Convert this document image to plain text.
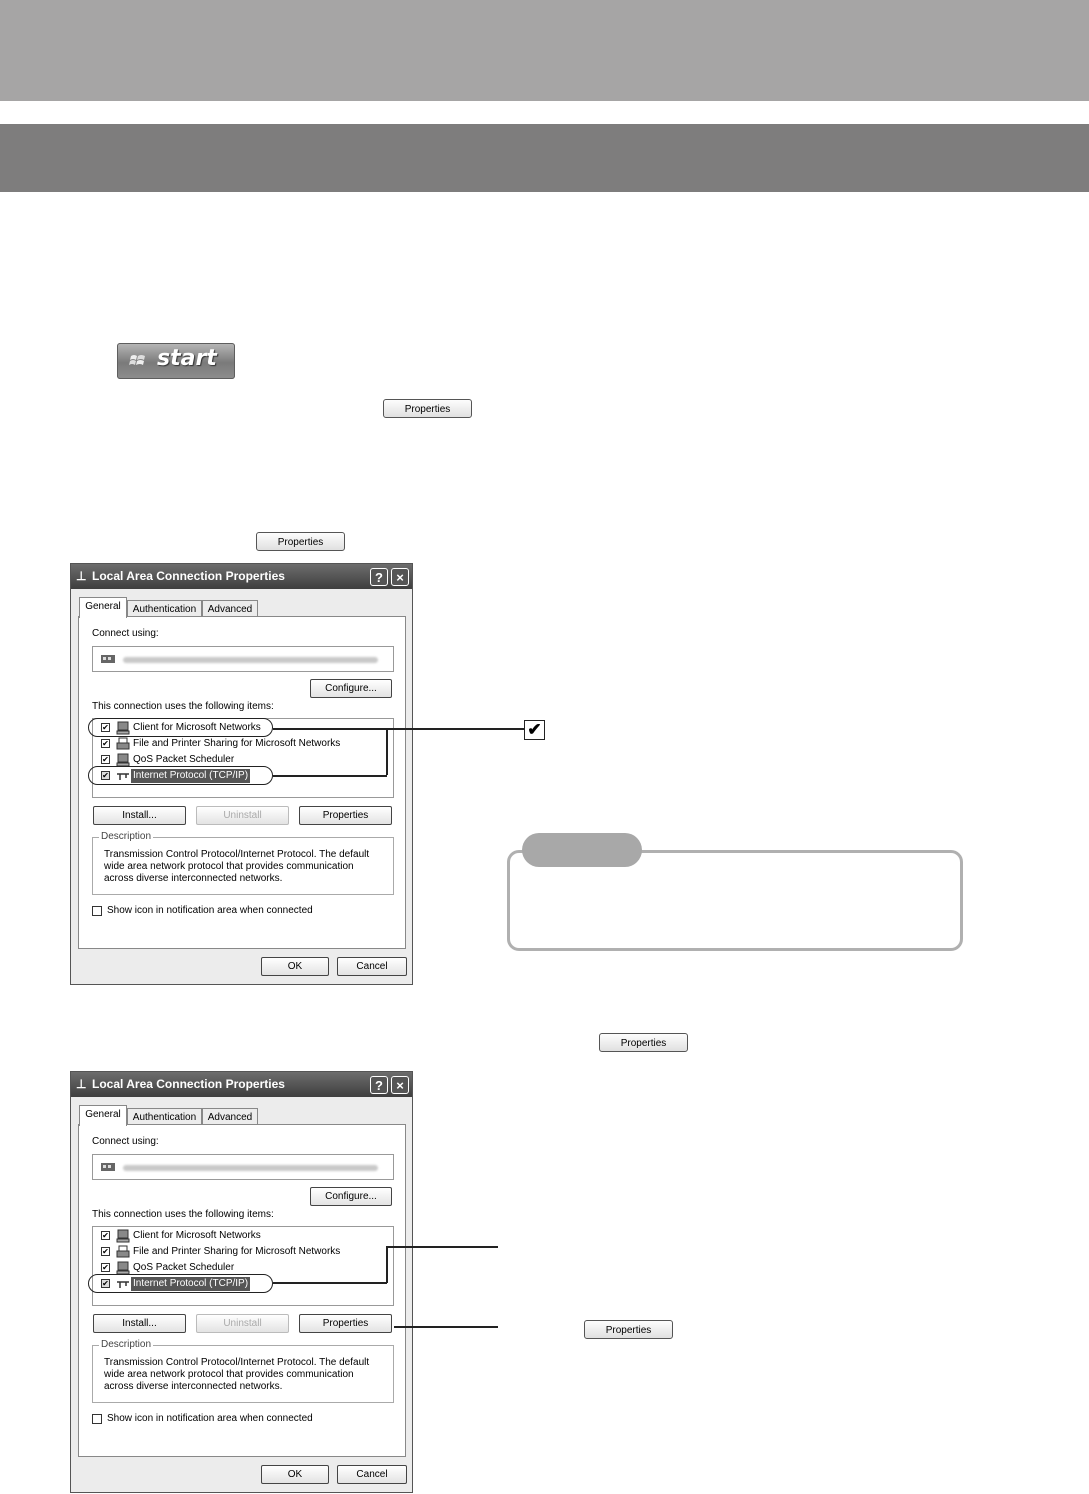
start
Properties
Properties
Properties
Properties
⊥ Local Area Connection Properties	?	×
General	Authentication	Advanced
Connect using:
Configure...
This connection uses the following items:
✔ Client for Microsoft Networks
✔ File and Printer Sharing for Microsoft Networks
✔ QoS Packet Scheduler
✔ Internet Protocol (TCP/IP)
Install...	Uninstall	Properties
Description
Transmission Control Protocol/Internet Protocol. The default wide area network protocol that provides communication across diverse interconnected networks.
Show icon in notification area when connected
OK	Cancel
✔
⊥ Local Area Connection Properties	?	×
General	Authentication	Advanced
Connect using:
Configure...
This connection uses the following items:
✔ Client for Microsoft Networks
✔ File and Printer Sharing for Microsoft Networks
✔ QoS Packet Scheduler
✔ Internet Protocol (TCP/IP)
Install...	Uninstall	Properties
Description
Transmission Control Protocol/Internet Protocol. The default wide area network protocol that provides communication across diverse interconnected networks.
Show icon in notification area when connected
OK	Cancel
